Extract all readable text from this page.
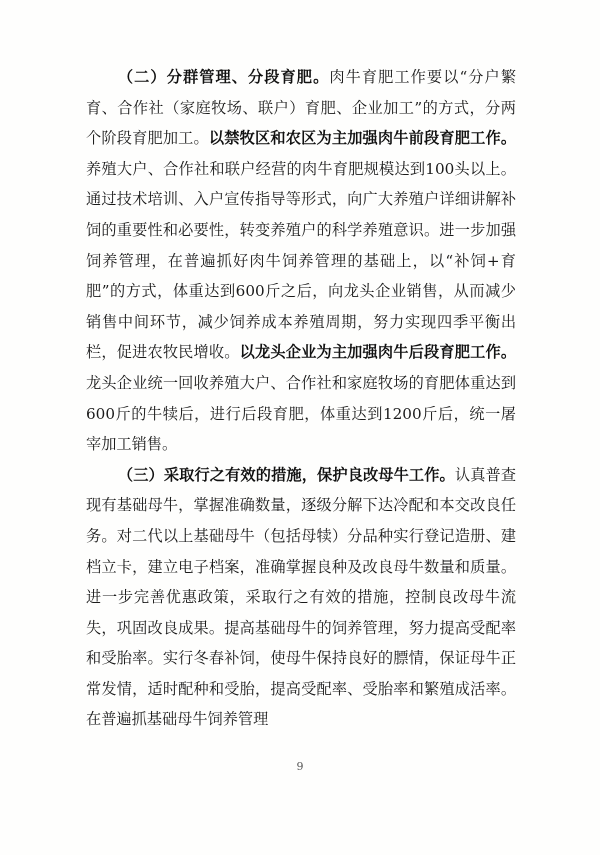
（二）分群管理、分段育肥。肉牛育肥工作要以“分户繁育、合作社（家庭牧场、联户）育肥、企业加工”的方式，分两个阶段育肥加工。以禁牧区和农区为主加强肉牛前段育肥工作。养殖大户、合作社和联户经营的肉牛育肥规模达到100头以上。通过技术培训、入户宣传指导等形式，向广大养殖户详细讲解补饲的重要性和必要性，转变养殖户的科学养殖意识。进一步加强饲养管理，在普遍抓好肉牛饲养管理的基础上，以“补饲+育肥”的方式，体重达到600斤之后，向龙头企业销售，从而减少销售中间环节，减少饲养成本养殖周期，努力实现四季平衡出栏，促进农牧民增收。以龙头企业为主加强肉牛后段育肥工作。龙头企业统一回收养殖大户、合作社和家庭牧场的育肥体重达到600斤的牛犊后，进行后段育肥，体重达到1200斤后，统一屠宰加工销售。

（三）采取行之有效的措施，保护良改母牛工作。认真普查现有基础母牛，掌握准确数量，逐级分解下达冷配和本交改良任务。对二代以上基础母牛（包括母犊）分品种实行登记造册、建档立卡，建立电子档案，准确掌握良种及改良母牛数量和质量。进一步完善优惠政策，采取行之有效的措施，控制良改母牛流失，巩固改良成果。提高基础母牛的饲养管理，努力提高受配率和受胎率。实行冬春补饲，使母牛保持良好的膘情，保证母牛正常发情，适时配种和受胎，提高受配率、受胎率和繁殖成活率。在普遍抓基础母牛饲养管理

9
